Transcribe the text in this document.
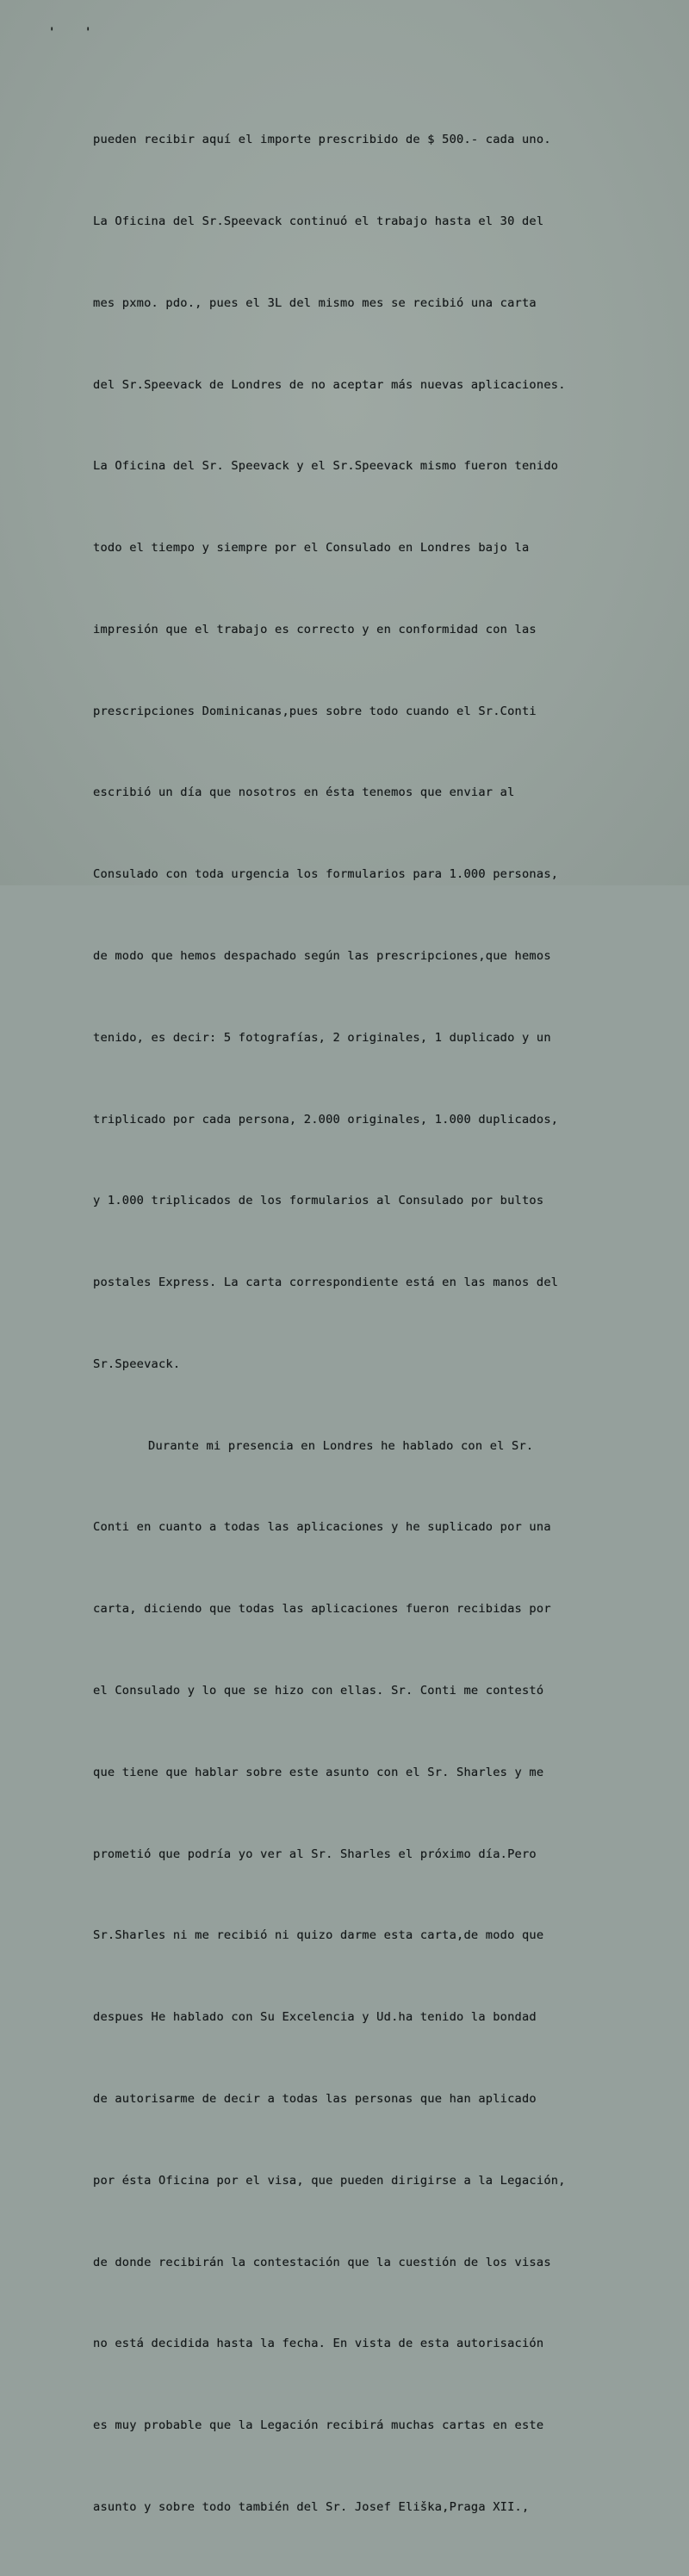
' '

pueden recibir aquí el importe prescribido de $ 500.- cada uno.

La Oficina del Sr.Speevack continuó el trabajo hasta el 30 del

mes pxmo. pdo., pues el 3L del mismo mes se recibió una carta

del Sr.Speevack de Londres de no aceptar más nuevas aplicaciones.

La Oficina del Sr. Speevack y el Sr.Speevack mismo fueron tenido

todo el tiempo y siempre por el Consulado en Londres bajo la

impresión que el trabajo es correcto y en conformidad con las

prescripciones Dominicanas,pues sobre todo cuando el Sr.Conti

escribió un día que nosotros en ésta tenemos que enviar al

Consulado con toda urgencia los formularios para 1.000 personas,

de modo que hemos despachado según las prescripciones,que hemos

tenido, es decir: 5 fotografías, 2 originales, 1 duplicado y un

triplicado por cada persona, 2.000 originales, 1.000 duplicados,

y 1.000 triplicados de los formularios al Consulado por bultos

postales Express. La carta correspondiente está en las manos del

Sr.Speevack.

Durante mi presencia en Londres he hablado con el Sr.

Conti en cuanto a todas las aplicaciones y he suplicado por una

carta, diciendo que todas las aplicaciones fueron recibidas por

el Consulado y lo que se hizo con ellas. Sr. Conti me contestó

que tiene que hablar sobre este asunto con el Sr. Sharles y me

prometió que podría yo ver al Sr. Sharles el próximo día.Pero

Sr.Sharles ni me recibió ni quizo darme esta carta,de modo que

despues He hablado con Su Excelencia y Ud.ha tenido la bondad

de autorisarme de decir a todas las personas que han aplicado

por ésta Oficina por el visa, que pueden dirigirse a la Legación,

de donde recibirán la contestación que la cuestión de los visas

no está decidida hasta la fecha. En vista de esta autorisación

es muy probable que la Legación recibirá muchas cartas en este

asunto y sobre todo también del Sr. Josef Eliška,Praga XII.,
